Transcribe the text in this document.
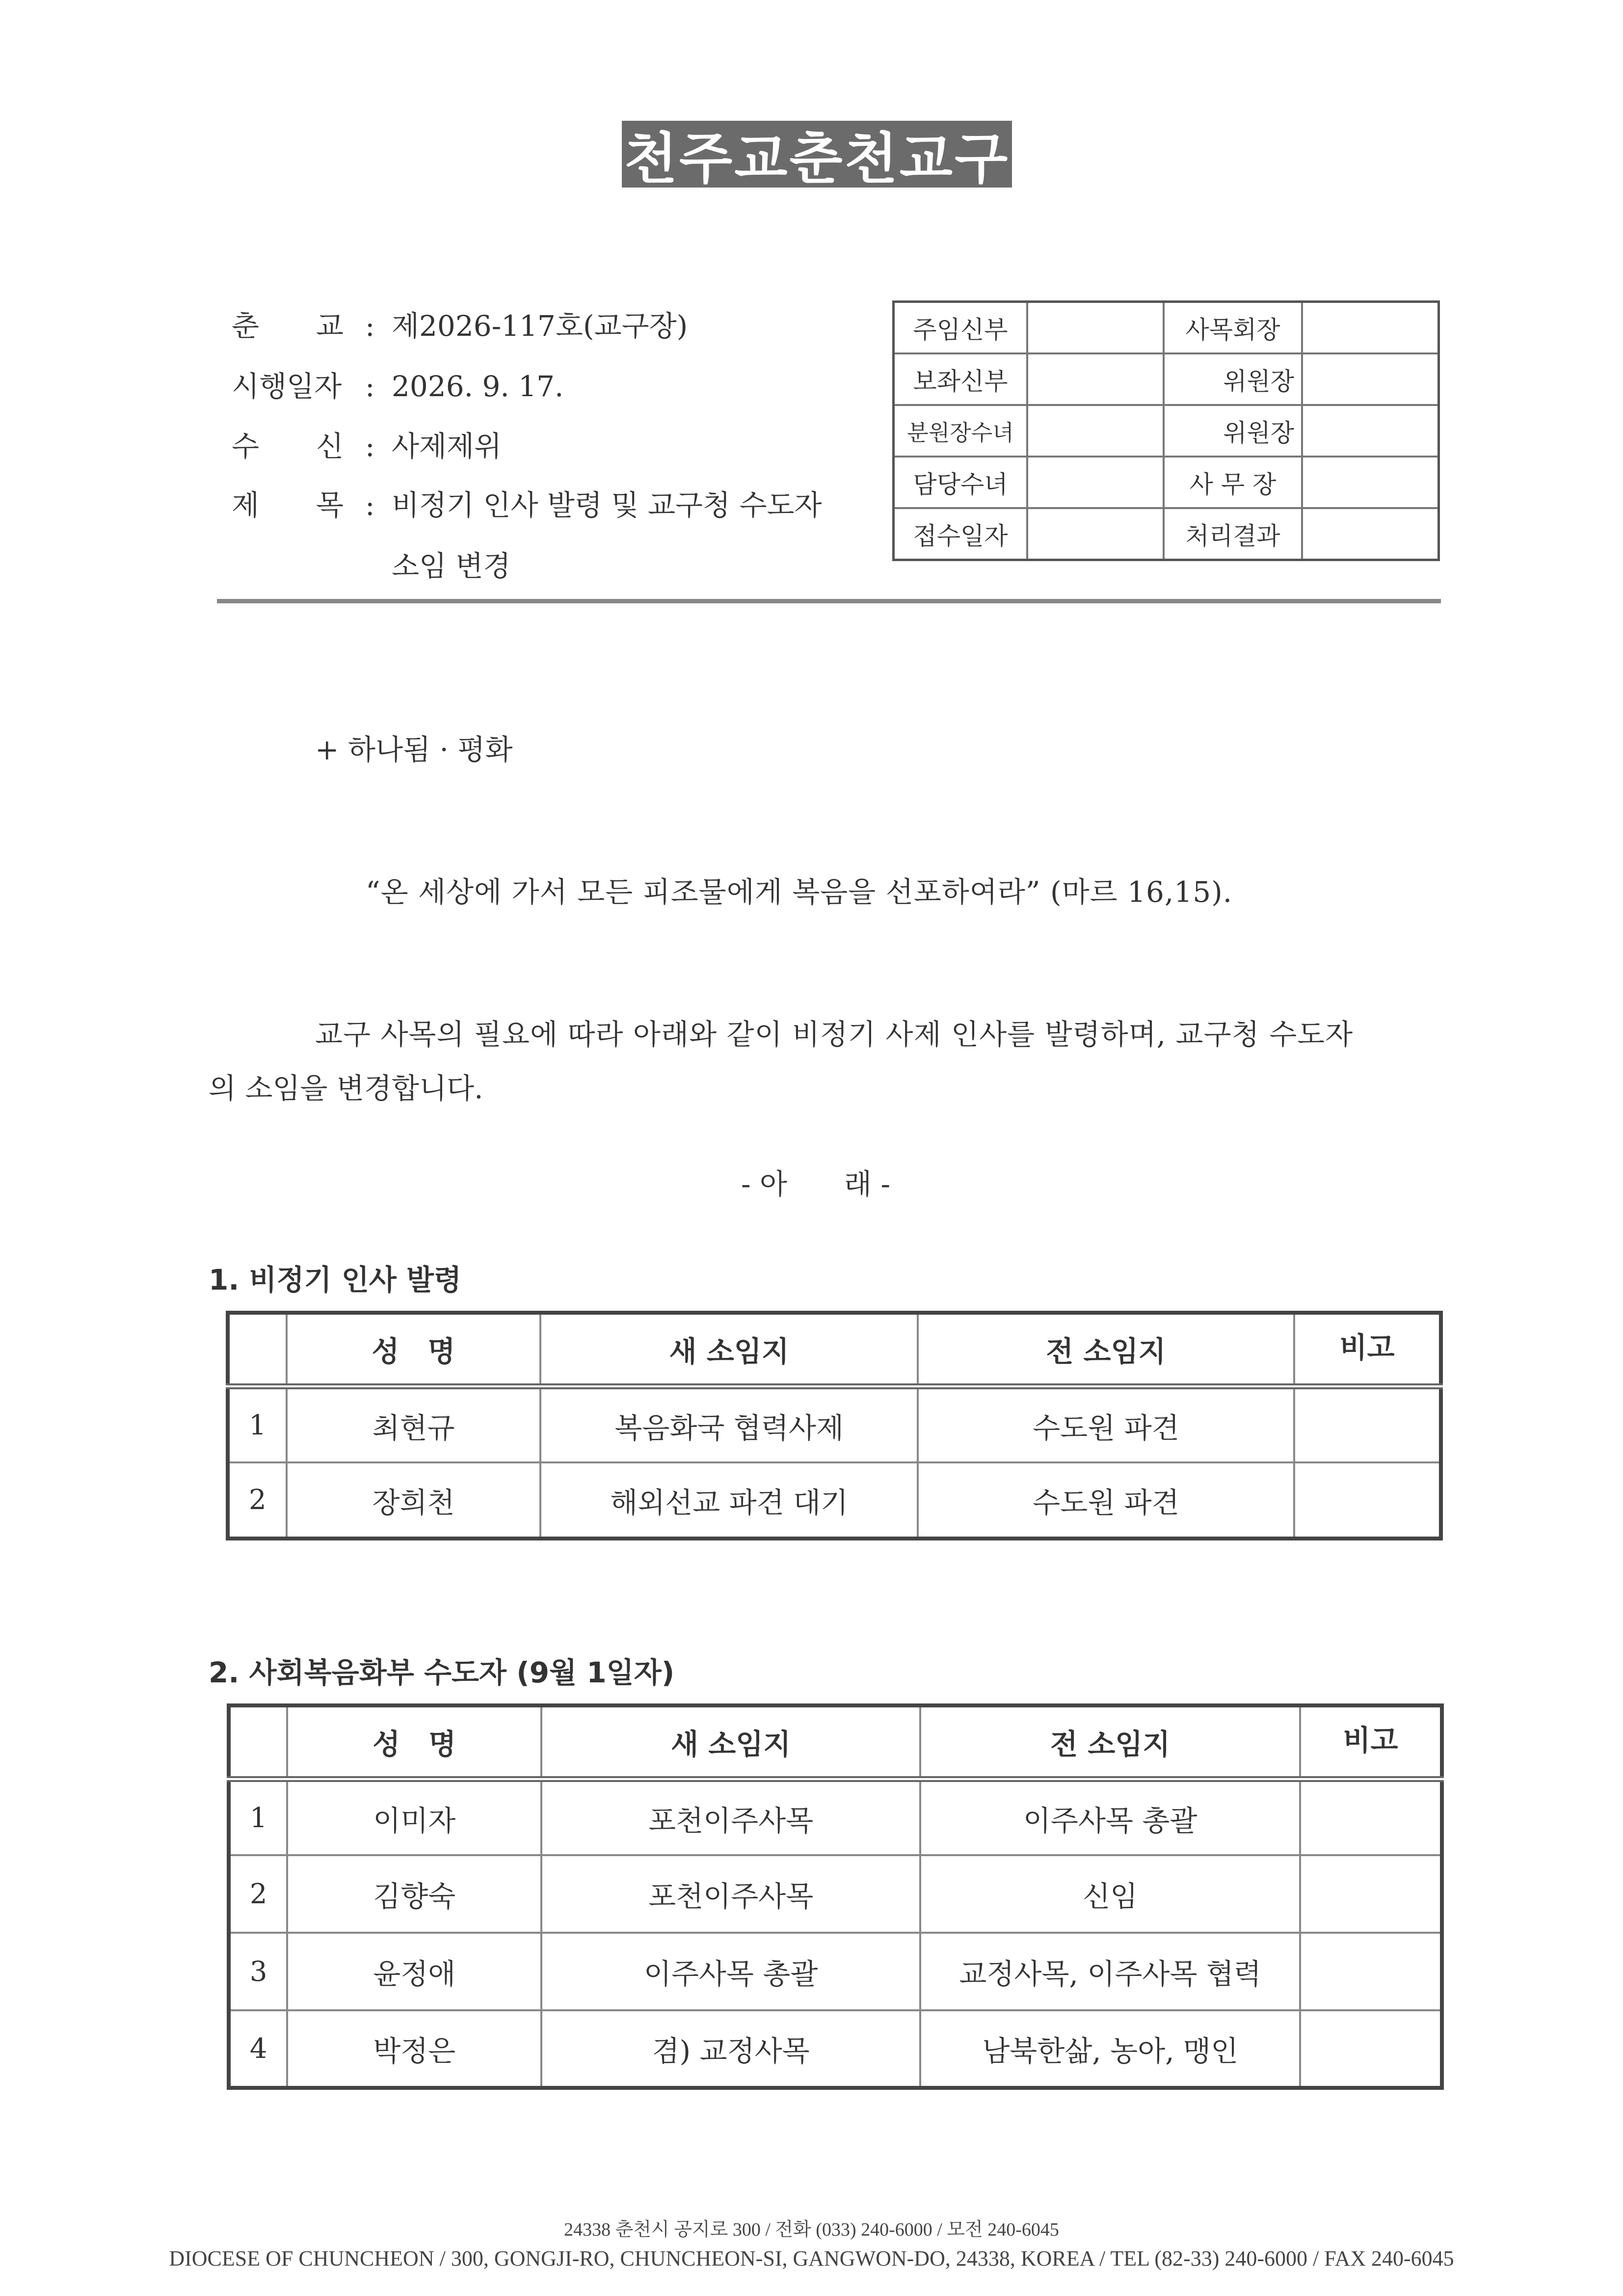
천주교춘천교구
춘　　교 : 제2026-117호(교구장)
시행일자 : 2026. 9. 17.
수　　신 : 사제제위
제　　목 : 비정기 인사 발령 및 교구청 수도자
소임 변경
주임신부		사목회장	
보좌신부		위원장	
분원장수녀		위원장	
담당수녀		사 무 장	
접수일자		처리결과	
+ 하나됨 · 평화
“온 세상에 가서 모든 피조물에게 복음을 선포하여라” (마르 16,15).
교구 사목의 필요에 따라 아래와 같이 비정기 사제 인사를 발령하며, 교구청 수도자
의 소임을 변경합니다.
- 아　　래 -
1. 비정기 인사 발령
	성　명	새 소임지	전 소임지	비고
1	최현규	복음화국 협력사제	수도원 파견	
2	장희천	해외선교 파견 대기	수도원 파견	
2. 사회복음화부 수도자 (9월 1일자)
	성　명	새 소임지	전 소임지	비고
1	이미자	포천이주사목	이주사목 총괄	
2	김향숙	포천이주사목	신임	
3	윤정애	이주사목 총괄	교정사목, 이주사목 협력	
4	박정은	겸) 교정사목	남북한삶, 농아, 맹인	
24338 춘천시 공지로 300 / 전화 (033) 240-6000 / 모전 240-6045
DIOCESE OF CHUNCHEON / 300, GONGJI-RO, CHUNCHEON-SI, GANGWON-DO, 24338, KOREA / TEL (82-33) 240-6000 / FAX 240-6045
